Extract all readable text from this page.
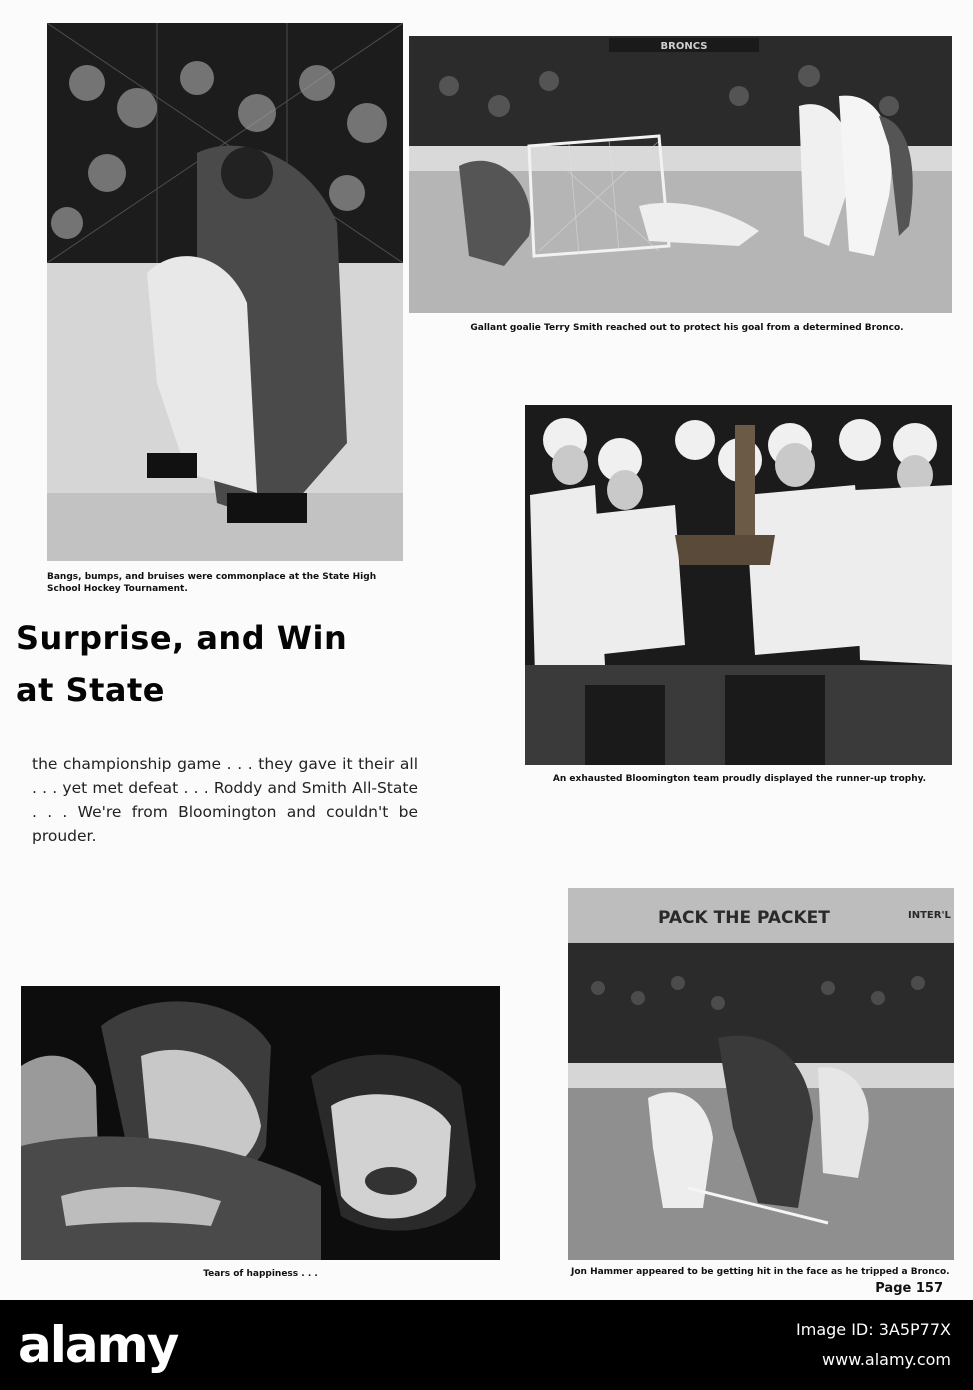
BRONCS
Gallant goalie Terry Smith reached out to protect his goal from a determined Bronco.
An exhausted Bloomington team proudly displayed the runner-up trophy.
Bangs, bumps, and bruises were commonplace at the State High School Hockey Tournament.
Surprise, and Win
at State
the championship game . . . they gave it their all . . . yet met defeat . . . Roddy and Smith All-State . . . We're from Bloomington and couldn't be prouder.
Tears of happiness . . .
PACK THE PACKET	INTER'L
Jon Hammer appeared to be getting hit in the face as he tripped a Bronco.
Page 157
alamy	Image ID: 3A5P77X
www.alamy.com
